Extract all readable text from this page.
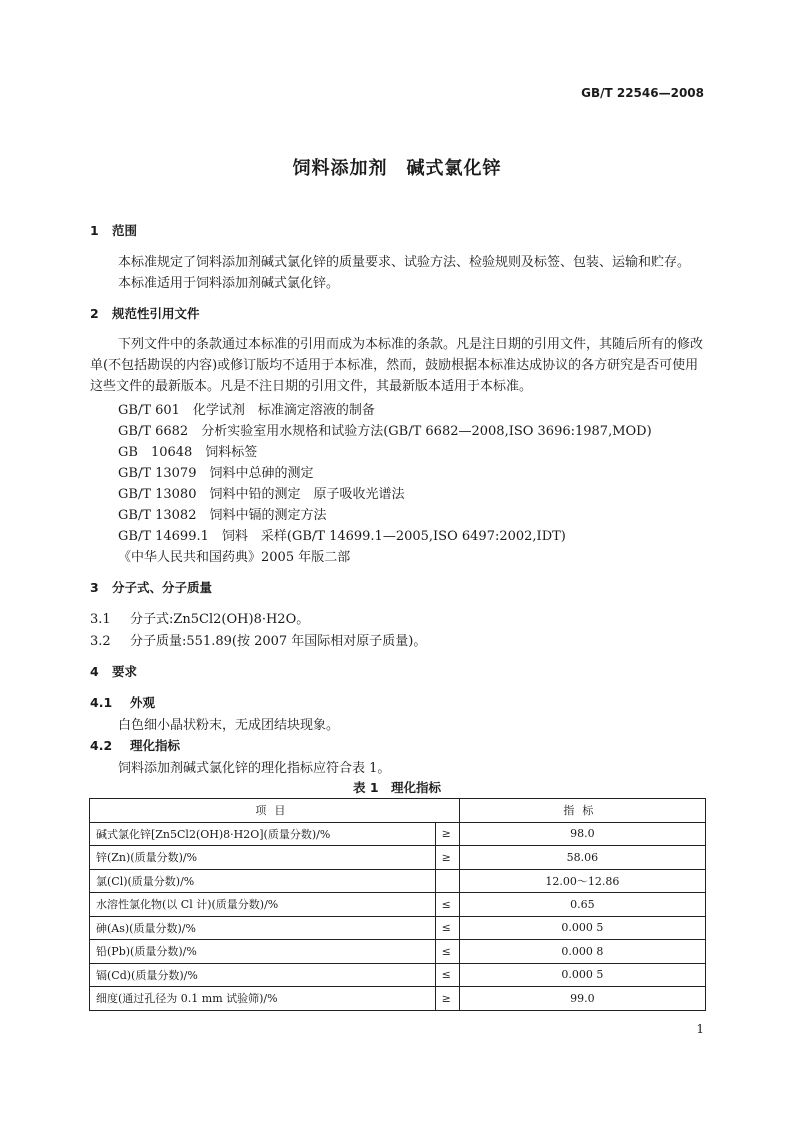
GB/T 22546—2008
饲料添加剂　碱式氯化锌
1 范围
本标准规定了饲料添加剂碱式氯化锌的质量要求、试验方法、检验规则及标签、包装、运输和贮存。
本标准适用于饲料添加剂碱式氯化锌。
2 规范性引用文件
下列文件中的条款通过本标准的引用而成为本标准的条款。凡是注日期的引用文件，其随后所有的修改单(不包括勘误的内容)或修订版均不适用于本标准，然而，鼓励根据本标准达成协议的各方研究是否可使用这些文件的最新版本。凡是不注日期的引用文件，其最新版本适用于本标准。
GB/T 601　化学试剂　标准滴定溶液的制备
GB/T 6682　分析实验室用水规格和试验方法(GB/T 6682—2008,ISO 3696:1987,MOD)
GB　10648　饲料标签
GB/T 13079　饲料中总砷的测定
GB/T 13080　饲料中铅的测定　原子吸收光谱法
GB/T 13082　饲料中镉的测定方法
GB/T 14699.1　饲料　采样(GB/T 14699.1—2005,ISO 6497:2002,IDT)
《中华人民共和国药典》2005 年版二部
3 分子式、分子质量
3.1 分子式:Zn5Cl2(OH)8·H2O。
3.2 分子质量:551.89(按 2007 年国际相对原子质量)。
4 要求
4.1 外观
白色细小晶状粉末，无成团结块现象。
4.2 理化指标
饲料添加剂碱式氯化锌的理化指标应符合表 1。
表 1　理化指标
项目		指标
碱式氯化锌[Zn5Cl2(OH)8·H2O](质量分数)/%	≥	98.0
锌(Zn)(质量分数)/%	≥	58.06
氯(Cl)(质量分数)/%		12.00～12.86
水溶性氯化物(以 Cl 计)(质量分数)/%	≤	0.65
砷(As)(质量分数)/%	≤	0.000 5
铅(Pb)(质量分数)/%	≤	0.000 8
镉(Cd)(质量分数)/%	≤	0.000 5
细度(通过孔径为 0.1 mm 试验筛)/%	≥	99.0
1
